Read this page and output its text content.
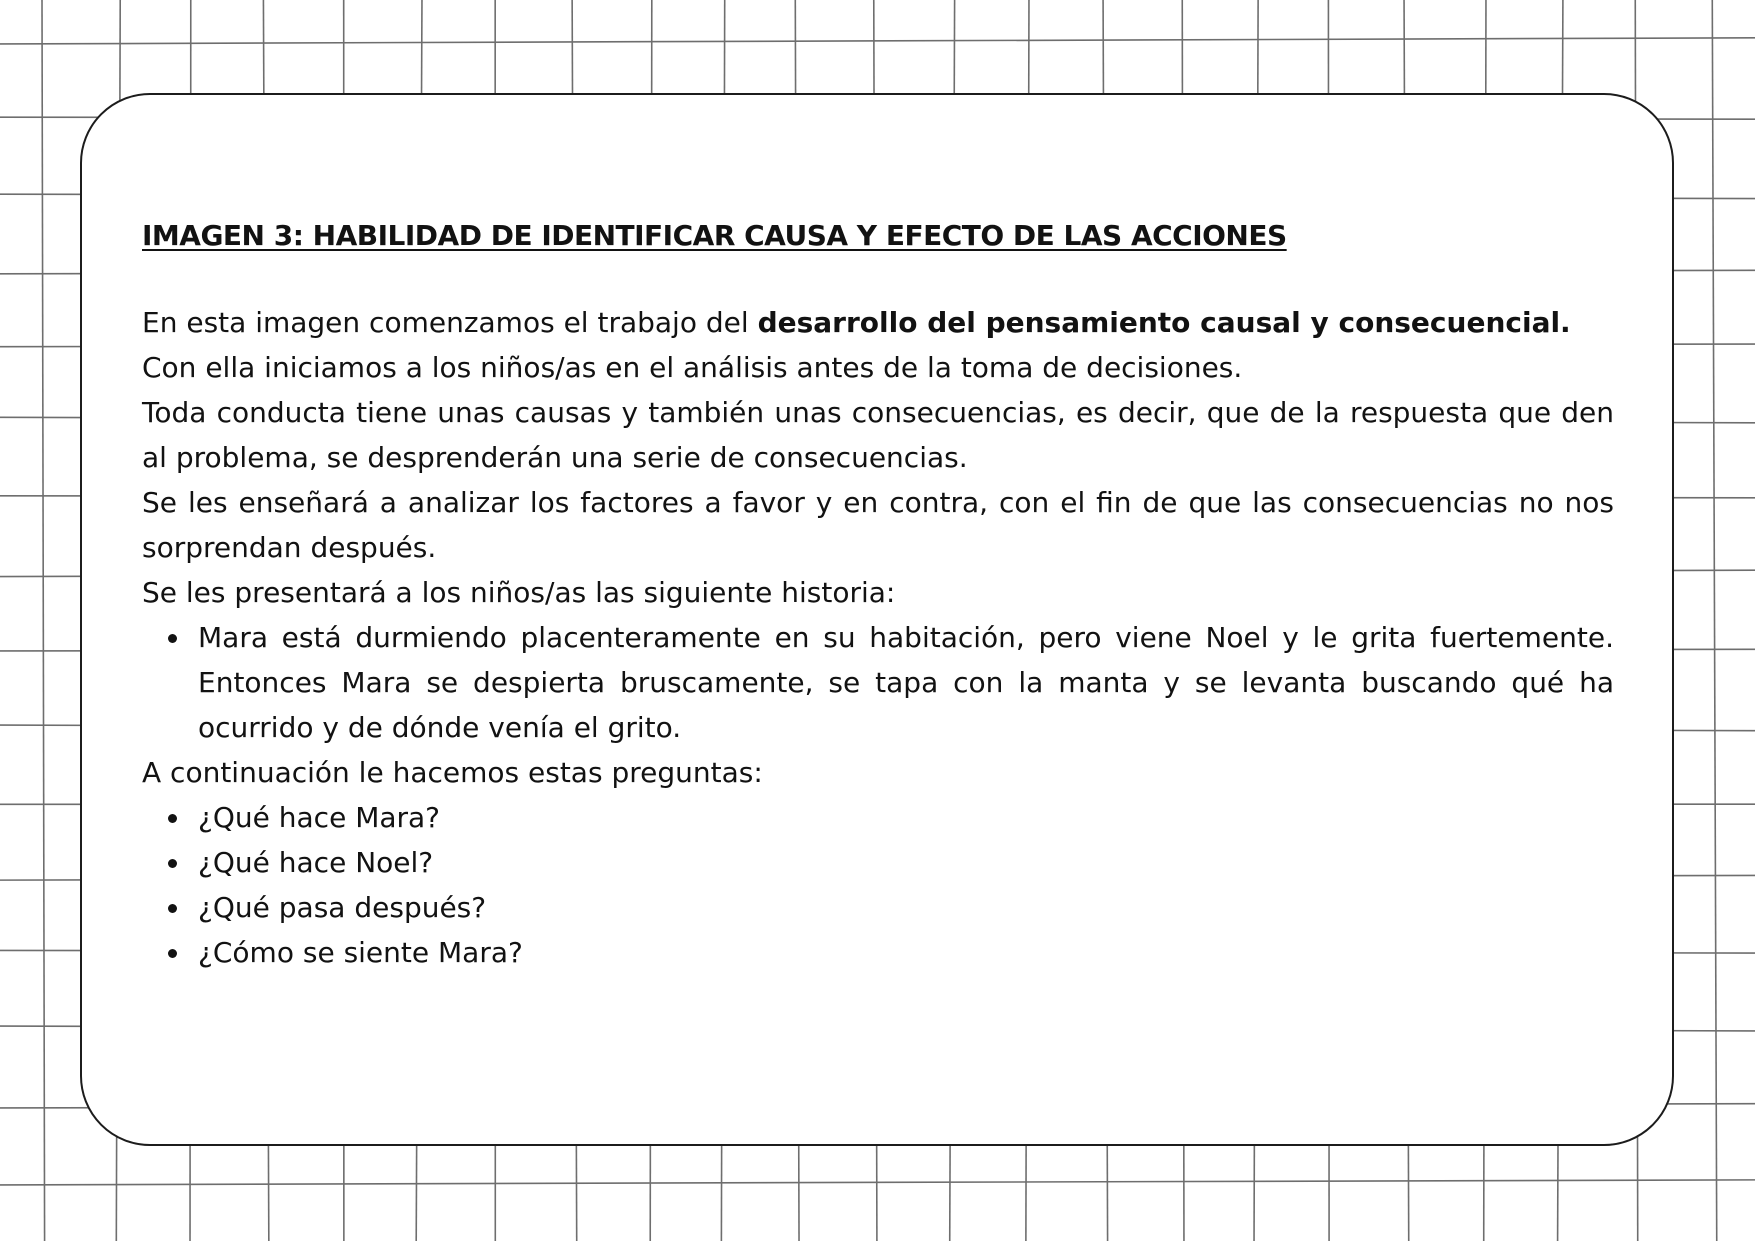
IMAGEN 3: HABILIDAD DE IDENTIFICAR CAUSA Y EFECTO DE LAS ACCIONES

En esta imagen comenzamos el trabajo del desarrollo del pensamiento causal y consecuencial.

Con ella iniciamos a los niños/as en el análisis antes de la toma de decisiones.

Toda conducta tiene unas causas y también unas consecuencias, es decir, que de la respuesta que den al problema, se desprenderán una serie de consecuencias.

Se les enseñará a analizar los factores a favor y en contra, con el fin de que las consecuencias no nos sorprendan después.

Se les presentará a los niños/as las siguiente historia:

Mara está durmiendo placenteramente en su habitación, pero viene Noel y le grita fuertemente. Entonces Mara se despierta bruscamente, se tapa con la manta y se levanta buscando qué ha ocurrido y de dónde venía el grito.

A continuación le hacemos estas preguntas:

¿Qué hace Mara?
¿Qué hace Noel?
¿Qué pasa después?
¿Cómo se siente Mara?
